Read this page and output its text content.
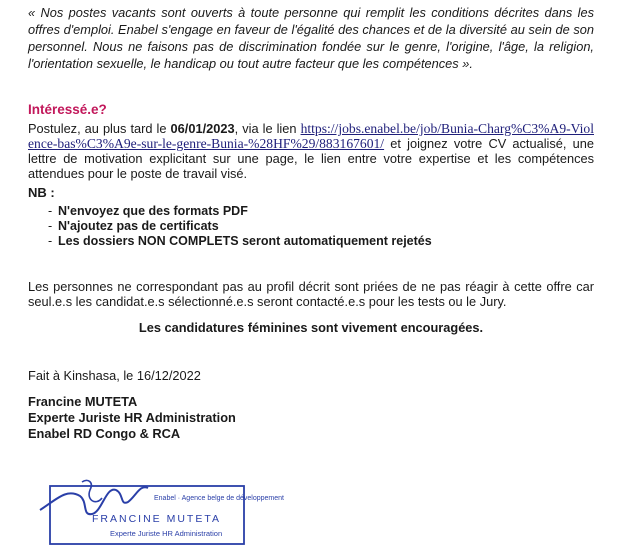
« Nos postes vacants sont ouverts à toute personne qui remplit les conditions décrites dans les offres d'emploi. Enabel s'engage en faveur de l'égalité des chances et de la diversité au sein de son personnel. Nous ne faisons pas de discrimination fondée sur le genre, l'origine, l'âge, la religion, l'orientation sexuelle, le handicap ou tout autre facteur que les compétences ».

Intéressé.e?

Postulez, au plus tard le 06/01/2023, via le lien https://jobs.enabel.be/job/Bunia-Charg%C3%A9-Violence-bas%C3%A9e-sur-le-genre-Bunia-%28HF%29/883167601/ et joignez votre CV actualisé, une lettre de motivation explicitant sur une page, le lien entre votre expertise et les compétences attendues pour le poste de travail visé.

NB :

- N'envoyez que des formats PDF
- N'ajoutez pas de certificats
- Les dossiers NON COMPLETS seront automatiquement rejetés

Les personnes ne correspondant pas au profil décrit sont priées de ne pas réagir à cette offre car seul.e.s les candidat.e.s sélectionné.e.s seront contacté.e.s pour les tests ou le Jury.

Les candidatures féminines sont vivement encouragées.

Fait à Kinshasa, le 16/12/2022

Francine MUTETA
Experte Juriste HR Administration
Enabel RD Congo & RCA
Enabel · Agence belge de développement
FRANCINE MUTETA
Experte Juriste HR Administration
